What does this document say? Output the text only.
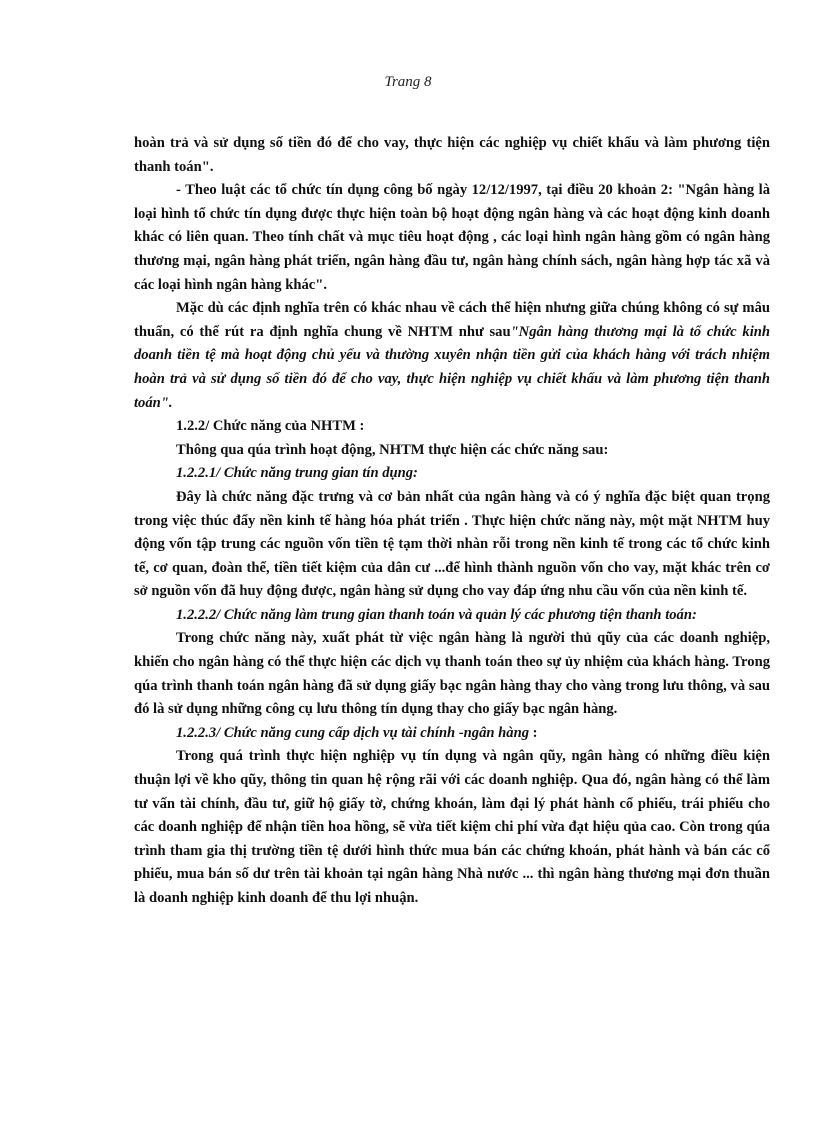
Trang 8

hoàn trả và sử dụng số tiền đó để cho vay, thực hiện các nghiệp vụ chiết khấu và làm phương tiện thanh toán".

- Theo luật các tổ chức tín dụng công bố ngày 12/12/1997, tại điều 20 khoản 2: "Ngân hàng là loại hình tổ chức tín dụng được thực hiện toàn bộ hoạt động ngân hàng và các hoạt động kinh doanh khác có liên quan. Theo tính chất và mục tiêu hoạt động , các loại hình ngân hàng gồm có ngân hàng thương mại, ngân hàng phát triển, ngân hàng đầu tư, ngân hàng chính sách, ngân hàng hợp tác xã và các loại hình ngân hàng khác".

Mặc dù các định nghĩa trên có khác nhau về cách thể hiện nhưng giữa chúng không có sự mâu thuẩn, có thể rút ra định nghĩa chung về NHTM như sau"Ngân hàng thương mại là tổ chức kinh doanh tiền tệ mà hoạt động chủ yếu và thường xuyên nhận tiền gửi của khách hàng với trách nhiệm hoàn trả và sử dụng số tiền đó để cho vay, thực hiện nghiệp vụ chiết khấu và làm phương tiện thanh toán".

1.2.2/ Chức năng của NHTM :

Thông qua qúa trình hoạt động, NHTM thực hiện các chức năng sau:

1.2.2.1/ Chức năng trung gian tín dụng:

Đây là chức năng đặc trưng và cơ bản nhất của ngân hàng và có ý nghĩa đặc biệt quan trọng trong việc thúc đẩy nền kinh tế hàng hóa phát triển . Thực hiện chức năng này, một mặt NHTM huy động vốn tập trung các nguồn vốn tiền tệ tạm thời nhàn rỗi trong nền kinh tế trong các tổ chức kinh tế, cơ quan, đoàn thể, tiền tiết kiệm của dân cư ...để hình thành nguồn vốn cho vay, mặt khác trên cơ sở nguồn vốn đã huy động được, ngân hàng sử dụng cho vay đáp ứng nhu cầu vốn của nền kinh tế.

1.2.2.2/ Chức năng làm trung gian thanh toán và quản lý các phương tiện thanh toán:

Trong chức năng này, xuất phát từ việc ngân hàng là người thủ qũy của các doanh nghiệp, khiến cho ngân hàng có thể thực hiện các dịch vụ thanh toán theo sự ủy nhiệm của khách hàng. Trong qúa trình thanh toán ngân hàng đã sử dụng giấy bạc ngân hàng thay cho vàng trong lưu thông, và sau đó là sử dụng những công cụ lưu thông tín dụng thay cho giấy bạc ngân hàng.

1.2.2.3/ Chức năng cung cấp dịch vụ tài chính -ngân hàng :

Trong quá trình thực hiện nghiệp vụ tín dụng và ngân qũy, ngân hàng có những điều kiện thuận lợi về kho qũy, thông tin quan hệ rộng rãi với các doanh nghiệp. Qua đó, ngân hàng có thể làm tư vấn tài chính, đầu tư, giữ hộ giấy tờ, chứng khoán, làm đại lý phát hành cổ phiếu, trái phiếu cho các doanh nghiệp để nhận tiền hoa hồng, sẽ vừa tiết kiệm chi phí vừa đạt hiệu qủa cao. Còn trong qúa trình tham gia thị trường tiền tệ dưới hình thức mua bán các chứng khoán, phát hành và bán các cổ phiếu, mua bán số dư trên tài khoản tại ngân hàng Nhà nước ... thì ngân hàng thương mại đơn thuần là doanh nghiệp kinh doanh để thu lợi nhuận.
